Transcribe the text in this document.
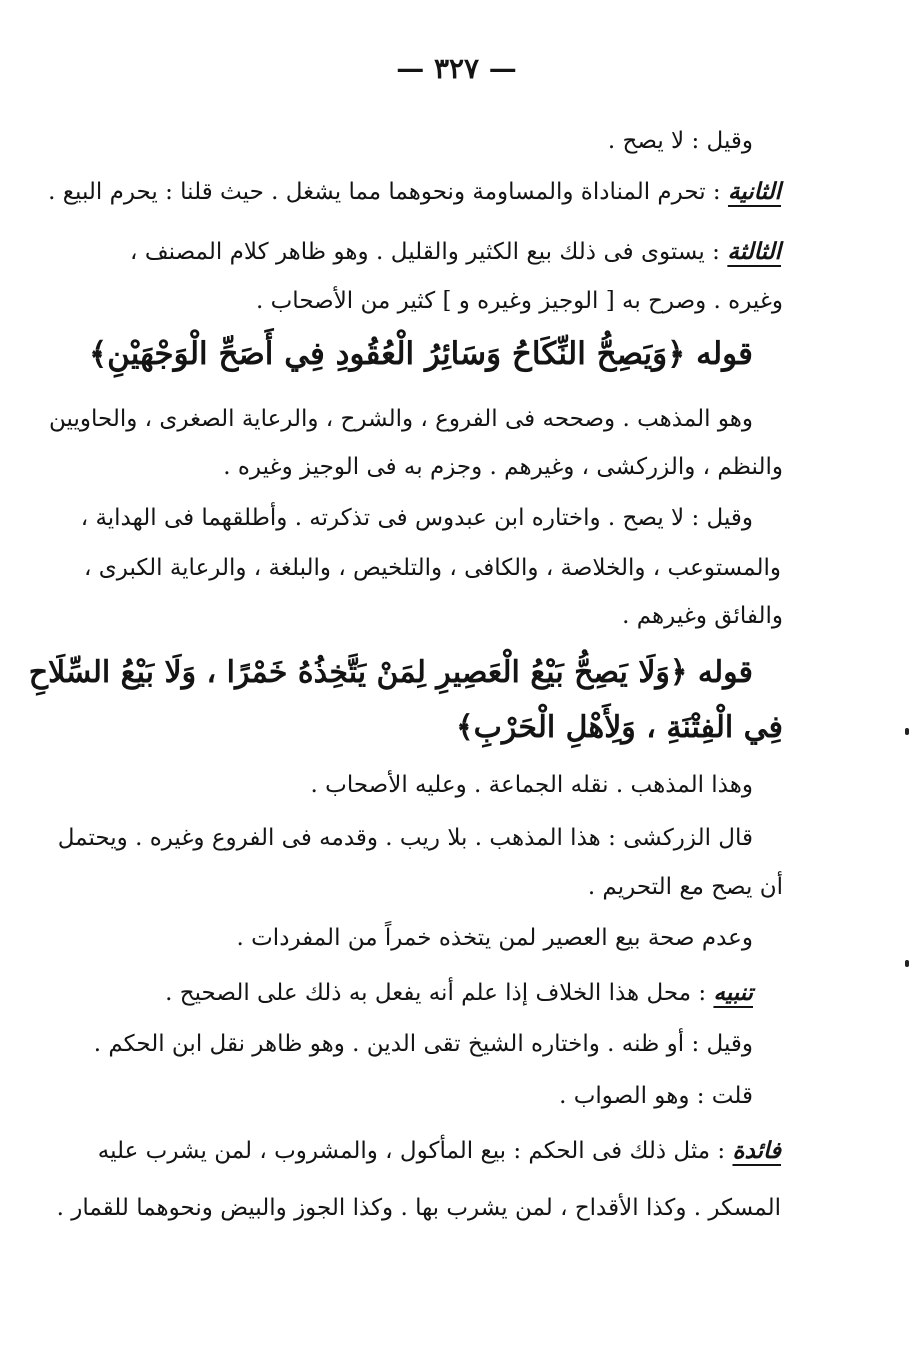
— ٣٢٧ —
وقيل : لا يصح .
الثانية : تحرم المناداة والمساومة ونحوهما مما يشغل . حيث قلنا : يحرم البيع .
الثالثة : يستوى فى ذلك بيع الكثير والقليل . وهو ظاهر كلام المصنف ،
وغيره . وصرح به [ الوجيز وغيره و ] كثير من الأصحاب .
قوله ﴿وَيَصِحُّ النِّكَاحُ وَسَائِرُ الْعُقُودِ فِي أَصَحِّ الْوَجْهَيْنِ﴾
وهو المذهب . وصححه فى الفروع ، والشرح ، والرعاية الصغرى ، والحاويين
والنظم ، والزركشى ، وغيرهم . وجزم به فى الوجيز وغيره .
وقيل : لا يصح . واختاره ابن عبدوس فى تذكرته . وأطلقهما فى الهداية ،
والمستوعب ، والخلاصة ، والكافى ، والتلخيص ، والبلغة ، والرعاية الكبرى ،
والفائق وغيرهم .
قوله ﴿وَلَا يَصِحُّ بَيْعُ الْعَصِيرِ لِمَنْ يَتَّخِذُهُ خَمْرًا ، وَلَا بَيْعُ السِّلَاحِ
فِي الْفِتْنَةِ ، وَلِأَهْلِ الْحَرْبِ﴾
وهذا المذهب . نقله الجماعة . وعليه الأصحاب .
قال الزركشى : هذا المذهب . بلا ريب . وقدمه فى الفروع وغيره . ويحتمل
أن يصح مع التحريم .
وعدم صحة بيع العصير لمن يتخذه خمراً من المفردات .
تنبيه : محل هذا الخلاف إذا علم أنه يفعل به ذلك على الصحيح .
وقيل : أو ظنه . واختاره الشيخ تقى الدين . وهو ظاهر نقل ابن الحكم .
قلت : وهو الصواب .
فائدة : مثل ذلك فى الحكم : بيع المأكول ، والمشروب ، لمن يشرب عليه
المسكر . وكذا الأقداح ، لمن يشرب بها . وكذا الجوز والبيض ونحوهما للقمار .
